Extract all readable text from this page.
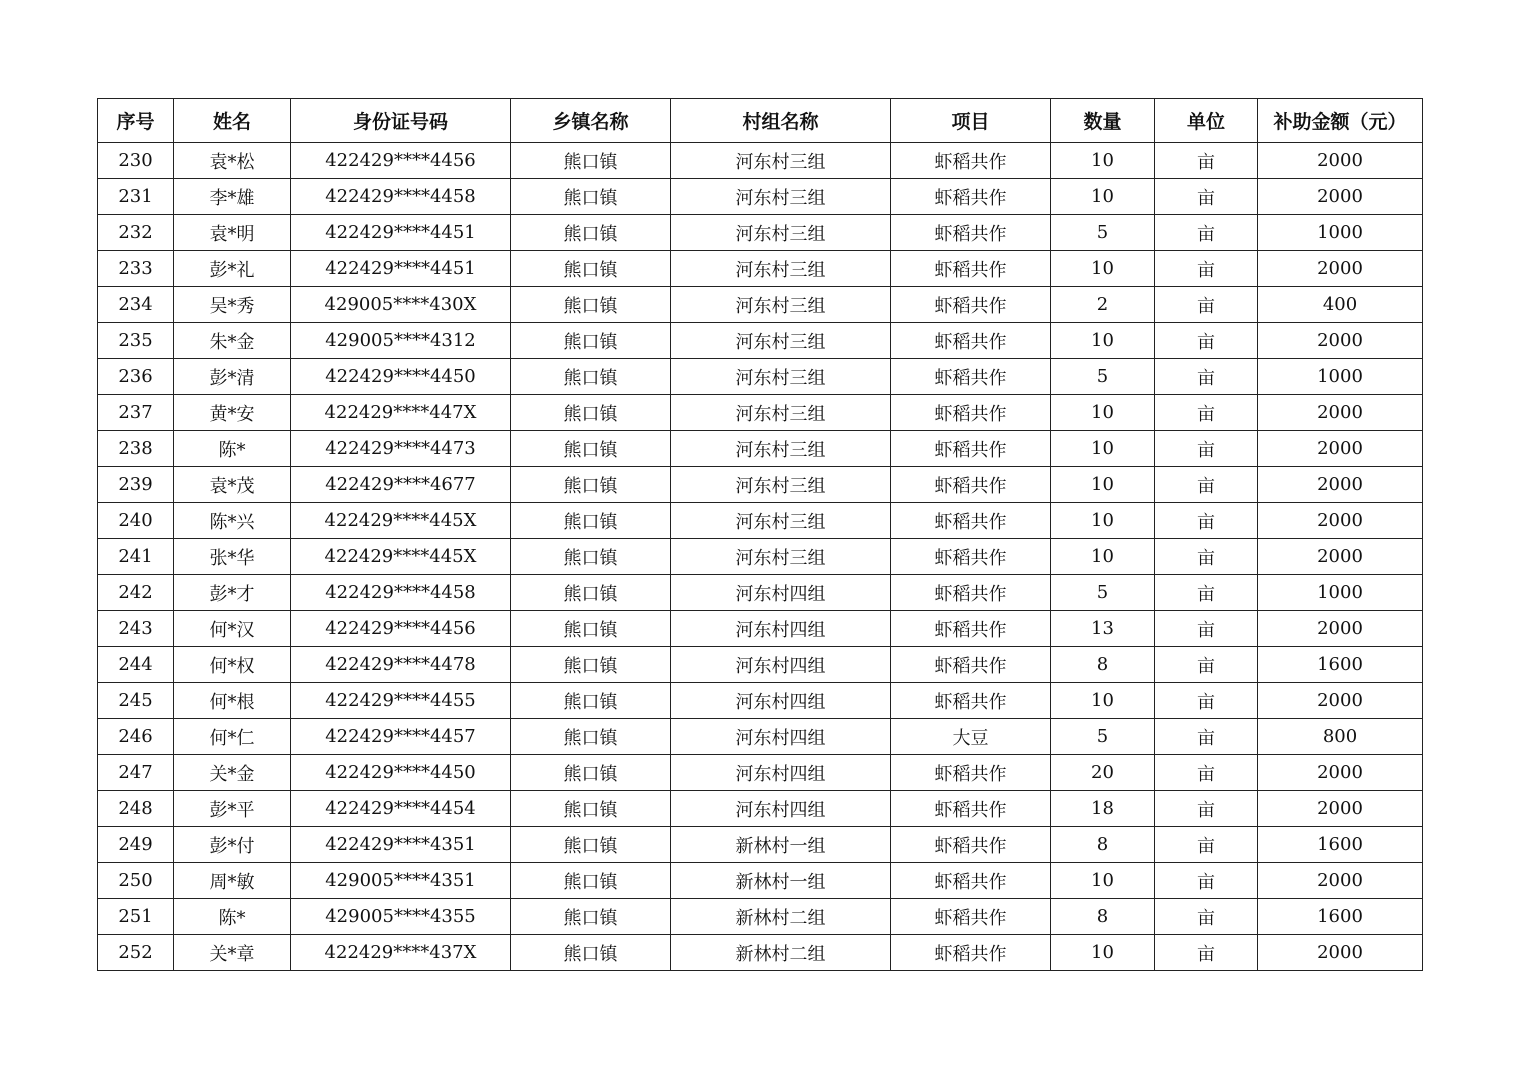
序号	姓名	身份证号码	乡镇名称	村组名称	项目	数量	单位	补助金额（元）
230	袁*松	422429****4456	熊口镇	河东村三组	虾稻共作	10	亩	2000
231	李*雄	422429****4458	熊口镇	河东村三组	虾稻共作	10	亩	2000
232	袁*明	422429****4451	熊口镇	河东村三组	虾稻共作	5	亩	1000
233	彭*礼	422429****4451	熊口镇	河东村三组	虾稻共作	10	亩	2000
234	吴*秀	429005****430X	熊口镇	河东村三组	虾稻共作	2	亩	400
235	朱*金	429005****4312	熊口镇	河东村三组	虾稻共作	10	亩	2000
236	彭*清	422429****4450	熊口镇	河东村三组	虾稻共作	5	亩	1000
237	黄*安	422429****447X	熊口镇	河东村三组	虾稻共作	10	亩	2000
238	陈*	422429****4473	熊口镇	河东村三组	虾稻共作	10	亩	2000
239	袁*茂	422429****4677	熊口镇	河东村三组	虾稻共作	10	亩	2000
240	陈*兴	422429****445X	熊口镇	河东村三组	虾稻共作	10	亩	2000
241	张*华	422429****445X	熊口镇	河东村三组	虾稻共作	10	亩	2000
242	彭*才	422429****4458	熊口镇	河东村四组	虾稻共作	5	亩	1000
243	何*汉	422429****4456	熊口镇	河东村四组	虾稻共作	13	亩	2000
244	何*权	422429****4478	熊口镇	河东村四组	虾稻共作	8	亩	1600
245	何*根	422429****4455	熊口镇	河东村四组	虾稻共作	10	亩	2000
246	何*仁	422429****4457	熊口镇	河东村四组	大豆	5	亩	800
247	关*金	422429****4450	熊口镇	河东村四组	虾稻共作	20	亩	2000
248	彭*平	422429****4454	熊口镇	河东村四组	虾稻共作	18	亩	2000
249	彭*付	422429****4351	熊口镇	新林村一组	虾稻共作	8	亩	1600
250	周*敏	429005****4351	熊口镇	新林村一组	虾稻共作	10	亩	2000
251	陈*	429005****4355	熊口镇	新林村二组	虾稻共作	8	亩	1600
252	关*章	422429****437X	熊口镇	新林村二组	虾稻共作	10	亩	2000
